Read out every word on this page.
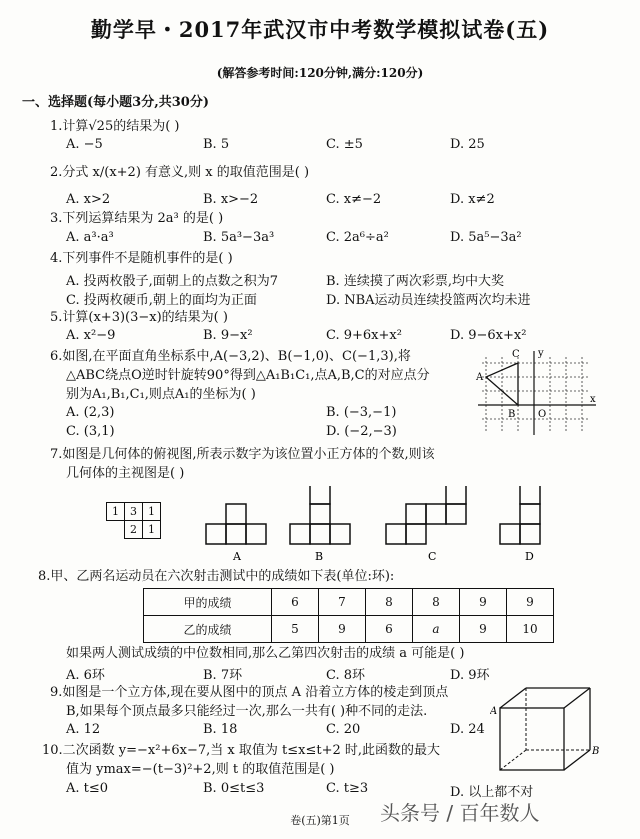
勤学早・2017年武汉市中考数学模拟试卷(五)
(解答参考时间:120分钟,满分:120分)
一、选择题(每小题3分,共30分)
1.计算√25的结果为( )
A. −5	B. 5	C. ±5	D. 25
2.分式 x/(x+2) 有意义,则 x 的取值范围是( )
A. x>2	B. x>−2	C. x≠−2	D. x≠2
3.下列运算结果为 2a³ 的是( )
A. a³·a³	B. 5a³−3a³	C. 2a⁶÷a²	D. 5a⁵−3a²
4.下列事件不是随机事件的是( )
A. 投两枚骰子,面朝上的点数之积为7	B. 连续摸了两次彩票,均中大奖
C. 投两枚硬币,朝上的面均为正面	D. NBA运动员连续投篮两次均未进
5.计算(x+3)(3−x)的结果为( )
A. x²−9	B. 9−x²	C. 9+6x+x²	D. 9−6x+x²
6.如图,在平面直角坐标系中,A(−3,2)、B(−1,0)、C(−1,3),将
△ABC绕点O逆时针旋转90°得到△A₁B₁C₁,点A,B,C的对应点分
别为A₁,B₁,C₁,则点A₁的坐标为( )
A. (2,3)	B. (−3,−1)
C. (3,1)	D. (−2,−3)
C y
A
B O
x
7.如图是几何体的俯视图,所表示数字为该位置小正方体的个数,则该
几何体的主视图是( )
1	3	1
	2	1
A	B	C	D
8.甲、乙两名运动员在六次射击测试中的成绩如下表(单位:环):
甲的成绩	6	7	8	8	9	9
乙的成绩	5	9	6	a	9	10
如果两人测试成绩的中位数相同,那么乙第四次射击的成绩 a 可能是( )
A. 6环	B. 7环	C. 8环	D. 9环
9.如图是一个立方体,现在要从图中的顶点 A 沿着立方体的棱走到顶点
B,如果每个顶点最多只能经过一次,那么一共有( )种不同的走法.
A. 12	B. 18	C. 20	D. 24
A
B
10.二次函数 y=−x²+6x−7,当 x 取值为 t≤x≤t+2 时,此函数的最大
值为 ymax=−(t−3)²+2,则 t 的取值范围是( )
A. t≤0	B. 0≤t≤3	C. t≥3	D. 以上都不对
卷(五)第1页	头条号 / 百年数人
